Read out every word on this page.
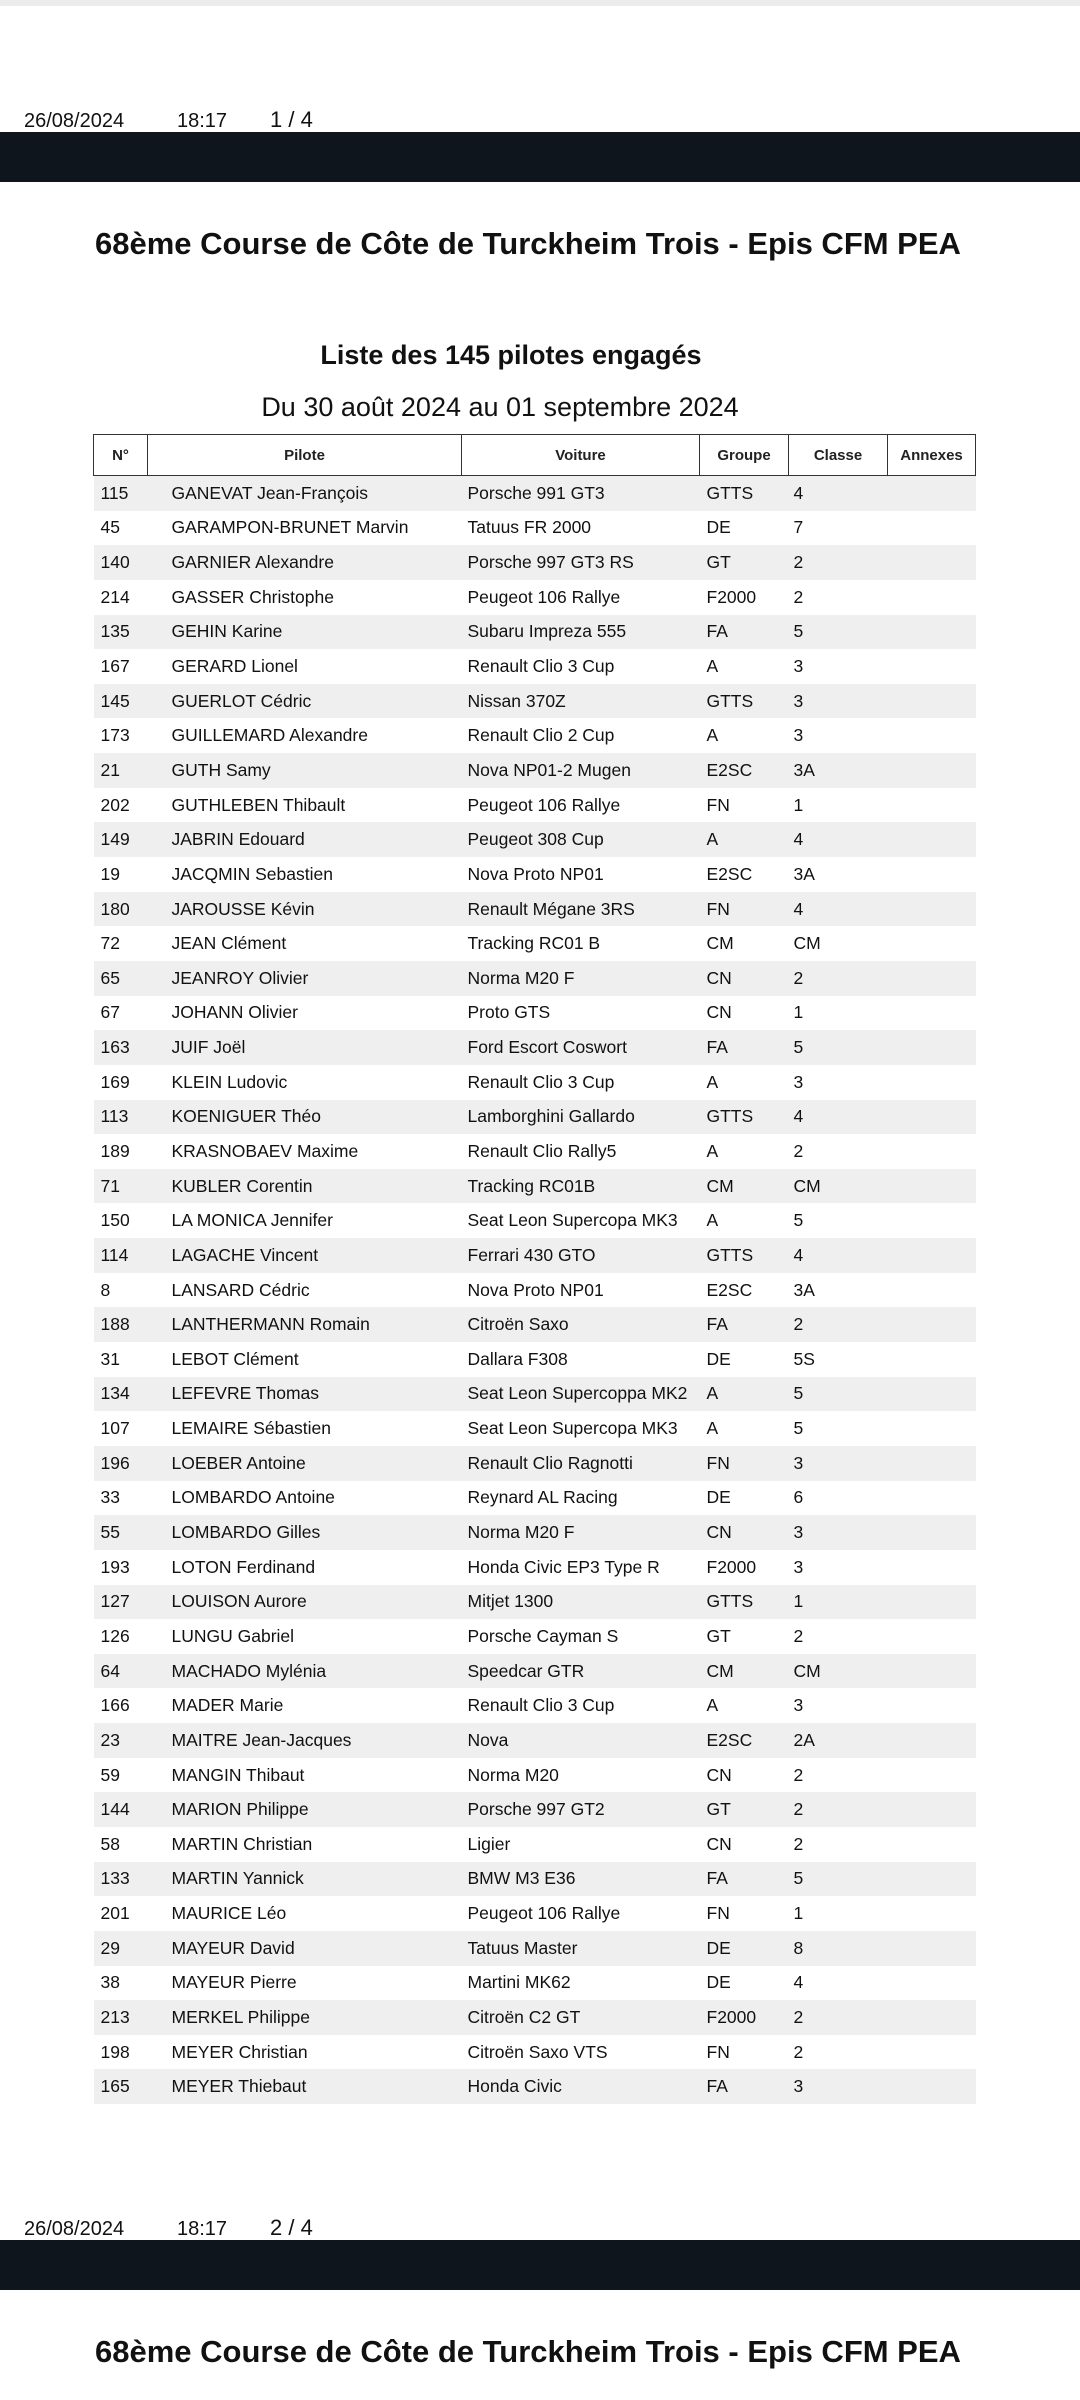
26/08/2024	18:17 1 / 4
68ème Course de Côte de Turckheim Trois - Epis CFM PEA
Liste des 145 pilotes engagés
Du 30 août 2024 au 01 septembre 2024
N°	Pilote	Voiture	Groupe	Classe	Annexes
115	GANEVAT Jean-François	Porsche 991 GT3	GTTS	4	
45	GARAMPON-BRUNET Marvin	Tatuus FR 2000	DE	7	
140	GARNIER Alexandre	Porsche 997 GT3 RS	GT	2	
214	GASSER Christophe	Peugeot 106 Rallye	F2000	2	
135	GEHIN Karine	Subaru Impreza 555	FA	5	
167	GERARD Lionel	Renault Clio 3 Cup	A	3	
145	GUERLOT Cédric	Nissan 370Z	GTTS	3	
173	GUILLEMARD Alexandre	Renault Clio 2 Cup	A	3	
21	GUTH Samy	Nova NP01-2 Mugen	E2SC	3A	
202	GUTHLEBEN Thibault	Peugeot 106 Rallye	FN	1	
149	JABRIN Edouard	Peugeot 308 Cup	A	4	
19	JACQMIN Sebastien	Nova Proto NP01	E2SC	3A	
180	JAROUSSE Kévin	Renault Mégane 3RS	FN	4	
72	JEAN Clément	Tracking RC01 B	CM	CM	
65	JEANROY Olivier	Norma M20 F	CN	2	
67	JOHANN Olivier	Proto GTS	CN	1	
163	JUIF Joël	Ford Escort Coswort	FA	5	
169	KLEIN Ludovic	Renault Clio 3 Cup	A	3	
113	KOENIGUER Théo	Lamborghini Gallardo	GTTS	4	
189	KRASNOBAEV Maxime	Renault Clio Rally5	A	2	
71	KUBLER Corentin	Tracking RC01B	CM	CM	
150	LA MONICA Jennifer	Seat Leon Supercopa MK3	A	5	
114	LAGACHE Vincent	Ferrari 430 GTO	GTTS	4	
8	LANSARD Cédric	Nova Proto NP01	E2SC	3A	
188	LANTHERMANN Romain	Citroën Saxo	FA	2	
31	LEBOT Clément	Dallara F308	DE	5S	
134	LEFEVRE Thomas	Seat Leon Supercoppa MK2	A	5	
107	LEMAIRE Sébastien	Seat Leon Supercopa MK3	A	5	
196	LOEBER Antoine	Renault Clio Ragnotti	FN	3	
33	LOMBARDO Antoine	Reynard AL Racing	DE	6	
55	LOMBARDO Gilles	Norma M20 F	CN	3	
193	LOTON Ferdinand	Honda Civic EP3 Type R	F2000	3	
127	LOUISON Aurore	Mitjet 1300	GTTS	1	
126	LUNGU Gabriel	Porsche Cayman S	GT	2	
64	MACHADO Mylénia	Speedcar GTR	CM	CM	
166	MADER Marie	Renault Clio 3 Cup	A	3	
23	MAITRE Jean-Jacques	Nova	E2SC	2A	
59	MANGIN Thibaut	Norma M20	CN	2	
144	MARION Philippe	Porsche 997 GT2	GT	2	
58	MARTIN Christian	Ligier	CN	2	
133	MARTIN Yannick	BMW M3 E36	FA	5	
201	MAURICE Léo	Peugeot 106 Rallye	FN	1	
29	MAYEUR David	Tatuus Master	DE	8	
38	MAYEUR Pierre	Martini MK62	DE	4	
213	MERKEL Philippe	Citroën C2 GT	F2000	2	
198	MEYER Christian	Citroën Saxo VTS	FN	2	
165	MEYER Thiebaut	Honda Civic	FA	3	
26/08/2024	18:17 2 / 4
68ème Course de Côte de Turckheim Trois - Epis CFM PEA
